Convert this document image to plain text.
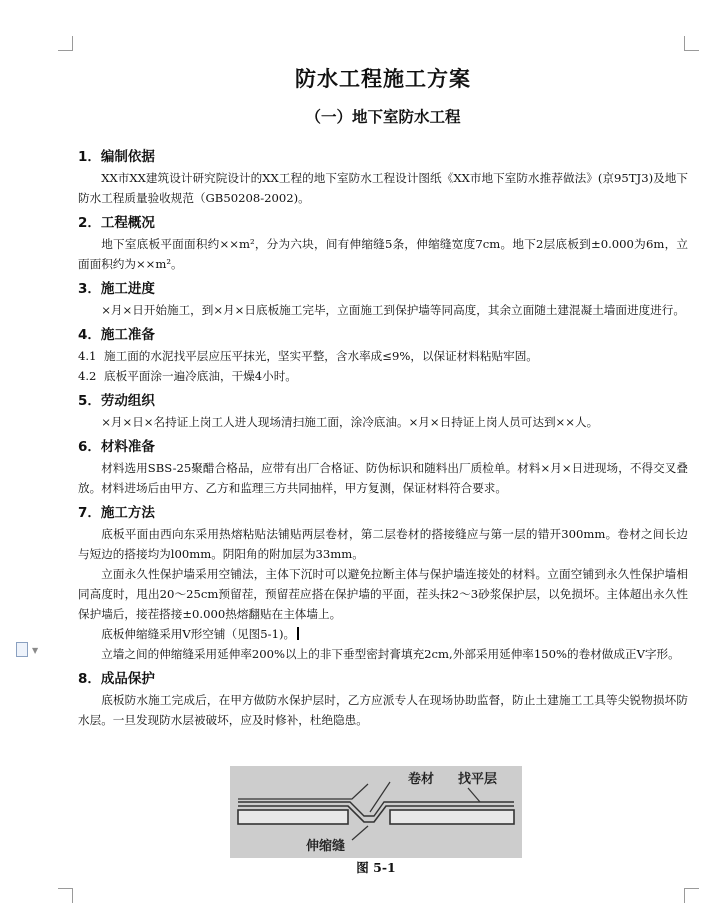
▼
防水工程施工方案
（一）地下室防水工程

1．编制依据

XX市XX建筑设计研究院设计的XX工程的地下室防水工程设计图纸《XX市地下室防水推荐做法》(京95TJ3)及地下防水工程质量验收规范（GB50208-2002)。

2．工程概况

地下室底板平面面积约××m²，分为六块，间有伸缩缝5条，伸缩缝宽度7cm。地下2层底板到±0.000为6m，立面面积约为××m²。

3．施工进度

×月×日开始施工，到×月×日底板施工完毕，立面施工到保护墙等同高度，其余立面随土建混凝土墙面进度进行。

4．施工准备

4.1 施工面的水泥找平层应压平抹光，坚实平整，含水率成≤9%，以保证材料粘贴牢固。

4.2 底板平面涂一遍冷底油，干燥4小时。

5．劳动组织

×月×日×名持证上岗工人进人现场清扫施工面，涂冷底油。×月×日持证上岗人员可达到××人。

6．材料准备

材料选用SBS-25聚醋合格品，应带有出厂合格证、防伪标识和随料出厂质检单。材料×月×日进现场，不得交叉叠放。材料进场后由甲方、乙方和监理三方共同抽样，甲方复测，保证材料符合要求。

7．施工方法

底板平面由西向东采用热熔粘贴法铺贴两层卷材，第二层卷材的搭接缝应与第一层的错开300mm。卷材之间长边与短边的搭接均为l00mm。阴阳角的附加层为33mm。

立面永久性保护墙采用空铺法，主体下沉时可以避免拉断主体与保护墙连接处的材料。立面空铺到永久性保护墙相同高度时，甩出20～25cm预留茬，预留茬应搭在保护墙的平面，茬头抹2～3砂浆保护层，以免损坏。主体超出永久性保护墙后，接茬搭接±0.000热熔翻贴在主体墙上。

底板伸缩缝采用V形空铺（见图5-1)。

立墙之间的伸缩缝采用延伸率200%以上的非下垂型密封膏填充2cm,外部采用延伸率150%的卷材做成正V字形。

8．成品保护

底板防水施工完成后，在甲方做防水保护层时，乙方应派专人在现场协助监督，防止土建施工工具等尖锐物损坏防水层。一旦发现防水层被破坏，应及时修补，杜绝隐患。

卷材 找平层
伸缩缝
图 5-1
